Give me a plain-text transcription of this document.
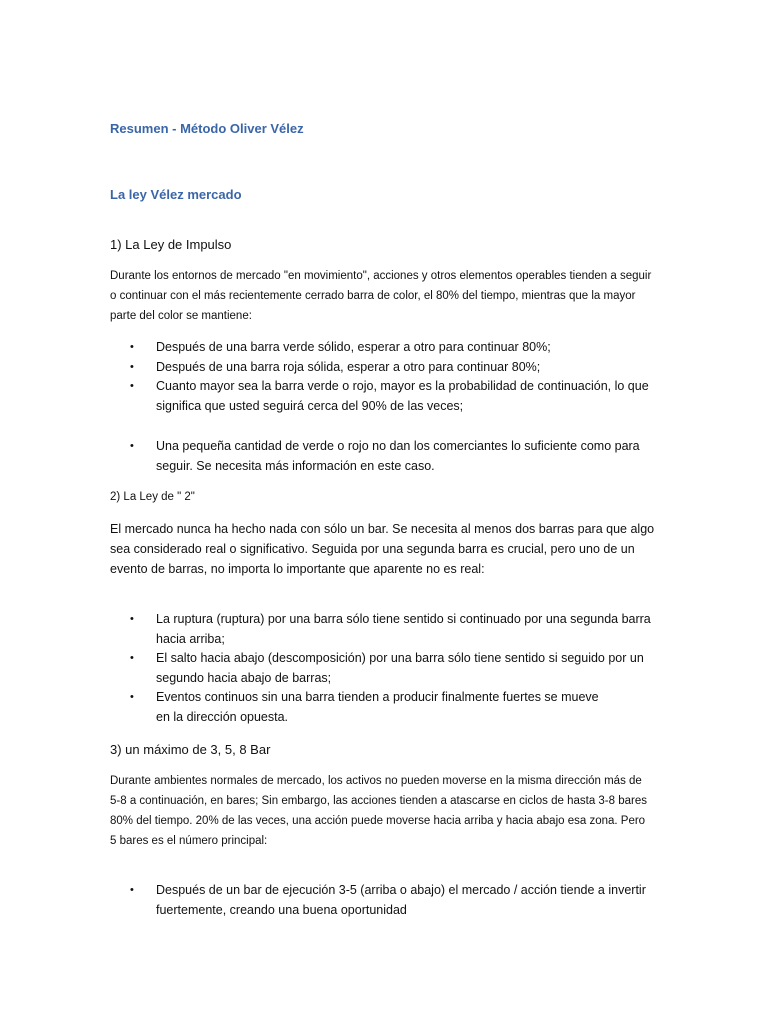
Resumen - Método Oliver Vélez
La ley Vélez mercado
1) La Ley de Impulso

Durante los entornos de mercado "en movimiento", acciones y otros elementos operables tienden a seguir
o continuar con el más recientemente cerrado barra de color, el 80% del tiempo, mientras que la mayor
parte del color se mantiene:

• Después de una barra verde sólido, esperar a otro para continuar 80%;
• Después de una barra roja sólida, esperar a otro para continuar 80%;
• Cuanto mayor sea la barra verde o rojo, mayor es la probabilidad de continuación, lo que
significa que usted seguirá cerca del 90% de las veces;
• Una pequeña cantidad de verde o rojo no dan los comerciantes lo suficiente como para
seguir. Se necesita más información en este caso.
2) La Ley de " 2"

El mercado nunca ha hecho nada con sólo un bar. Se necesita al menos dos barras para que algo
sea considerado real o significativo. Seguida por una segunda barra es crucial, pero uno de un
evento de barras, no importa lo importante que aparente no es real:

• La ruptura (ruptura) por una barra sólo tiene sentido si continuado por una segunda barra
hacia arriba;
• El salto hacia abajo (descomposición) por una barra sólo tiene sentido si seguido por un
segundo hacia abajo de barras;
• Eventos continuos sin una barra tienden a producir finalmente fuertes se mueve
en la dirección opuesta.
3) un máximo de 3, 5, 8 Bar

Durante ambientes normales de mercado, los activos no pueden moverse en la misma dirección más de
5-8 a continuación, en bares; Sin embargo, las acciones tienden a atascarse en ciclos de hasta 3-8 bares
80% del tiempo. 20% de las veces, una acción puede moverse hacia arriba y hacia abajo esa zona. Pero
5 bares es el número principal:

• Después de un bar de ejecución 3-5 (arriba o abajo) el mercado / acción tiende a invertir
fuertemente, creando una buena oportunidad
